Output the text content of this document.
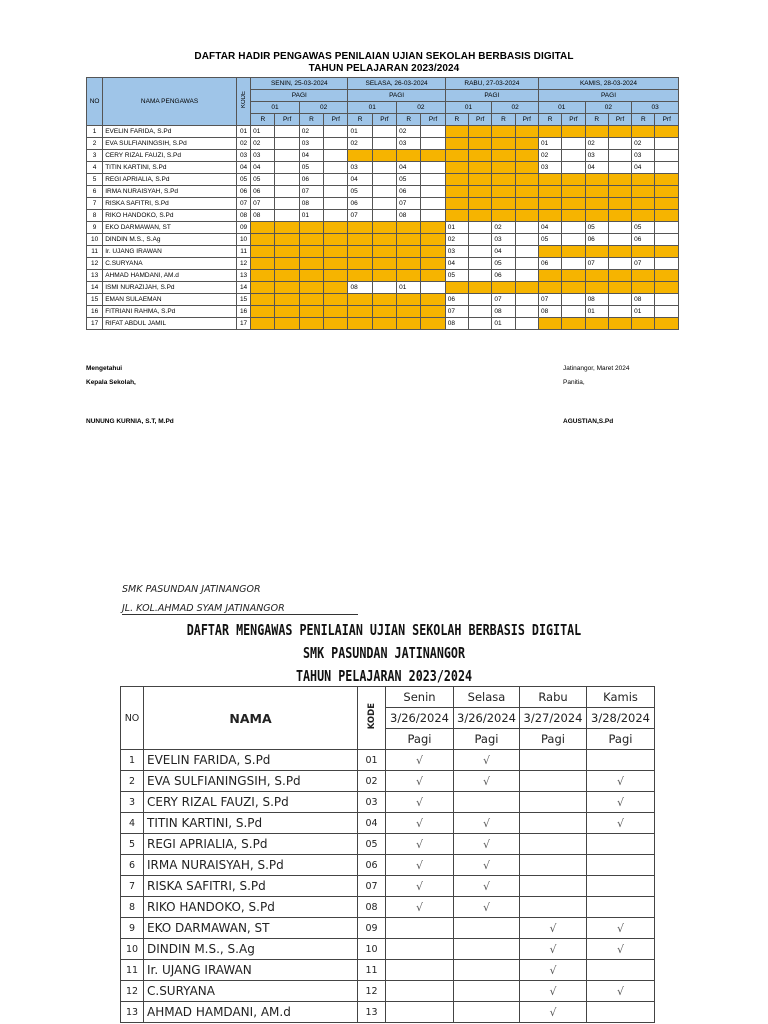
DAFTAR HADIR PENGAWAS PENILAIAN UJIAN SEKOLAH BERBASIS DIGITAL
TAHUN PELAJARAN 2023/2024
NO	NAMA PENGAWAS	KODE	SENIN, 25-03-2024				SELASA, 26-03-2024				RABU, 27-03-2024				KAMIS, 28-03-2024					
			PAGI				PAGI				PAGI				PAGI					
			01		02		01		02		01		02		01		02		03	
			R	Prf	R	Prf	R	Prf	R	Prf	R	Prf	R	Prf	R	Prf	R	Prf	R	Prf
1	EVELIN FARIDA, S.Pd	01	01		02		01		02											
2	EVA SULFIANINGSIH, S.Pd	02	02		03		02		03						01		02		02	
3	CERY RIZAL FAUZI, S.Pd	03	03		04										02		03		03	
4	TITIN KARTINI, S.Pd	04	04		05		03		04						03		04		04	
5	REGI APRIALIA, S.Pd	05	05		06		04		05											
6	IRMA NURAISYAH, S.Pd	06	06		07		05		06											
7	RISKA SAFITRI, S.Pd	07	07		08		06		07											
8	RIKO HANDOKO, S.Pd	08	08		01		07		08											
9	EKO DARMAWAN, ST	09									01		02		04		05		05	
10	DINDIN M.S., S.Ag	10									02		03		05		06		06	
11	Ir. UJANG IRAWAN	11									03		04							
12	C.SURYANA	12									04		05		06		07		07	
13	AHMAD HAMDANI, AM.d	13									05		06							
14	ISMI NURAZIJAH, S.Pd	14					08		01											
15	EMAN SULAEMAN	15									06		07		07		08		08	
16	FITRIANI RAHMA, S.Pd	16									07		08		08		01		01	
17	RIFAT ABDUL JAMIL	17									08		01							
Mengetahui
Kepala Sekolah,
NUNUNG KURNIA, S.T, M.Pd
Jatinangor, Maret 2024
Panitia,
AGUSTIAN,S.Pd
SMK PASUNDAN JATINANGOR
JL. KOL.AHMAD SYAM JATINANGOR
DAFTAR MENGAWAS PENILAIAN UJIAN SEKOLAH BERBASIS DIGITAL
SMK PASUNDAN JATINANGOR
TAHUN PELAJARAN 2023/2024
NO	NAMA	KODE	Senin	Selasa	Rabu	Kamis
			3/26/2024	3/26/2024	3/27/2024	3/28/2024
			Pagi	Pagi	Pagi	Pagi
1	EVELIN FARIDA, S.Pd	01	√	√		
2	EVA SULFIANINGSIH, S.Pd	02	√	√		√
3	CERY RIZAL FAUZI, S.Pd	03	√			√
4	TITIN KARTINI, S.Pd	04	√	√		√
5	REGI APRIALIA, S.Pd	05	√	√		
6	IRMA NURAISYAH, S.Pd	06	√	√		
7	RISKA SAFITRI, S.Pd	07	√	√		
8	RIKO HANDOKO, S.Pd	08	√	√		
9	EKO DARMAWAN, ST	09			√	√
10	DINDIN M.S., S.Ag	10			√	√
11	Ir. UJANG IRAWAN	11			√	
12	C.SURYANA	12			√	√
13	AHMAD HAMDANI, AM.d	13			√	
